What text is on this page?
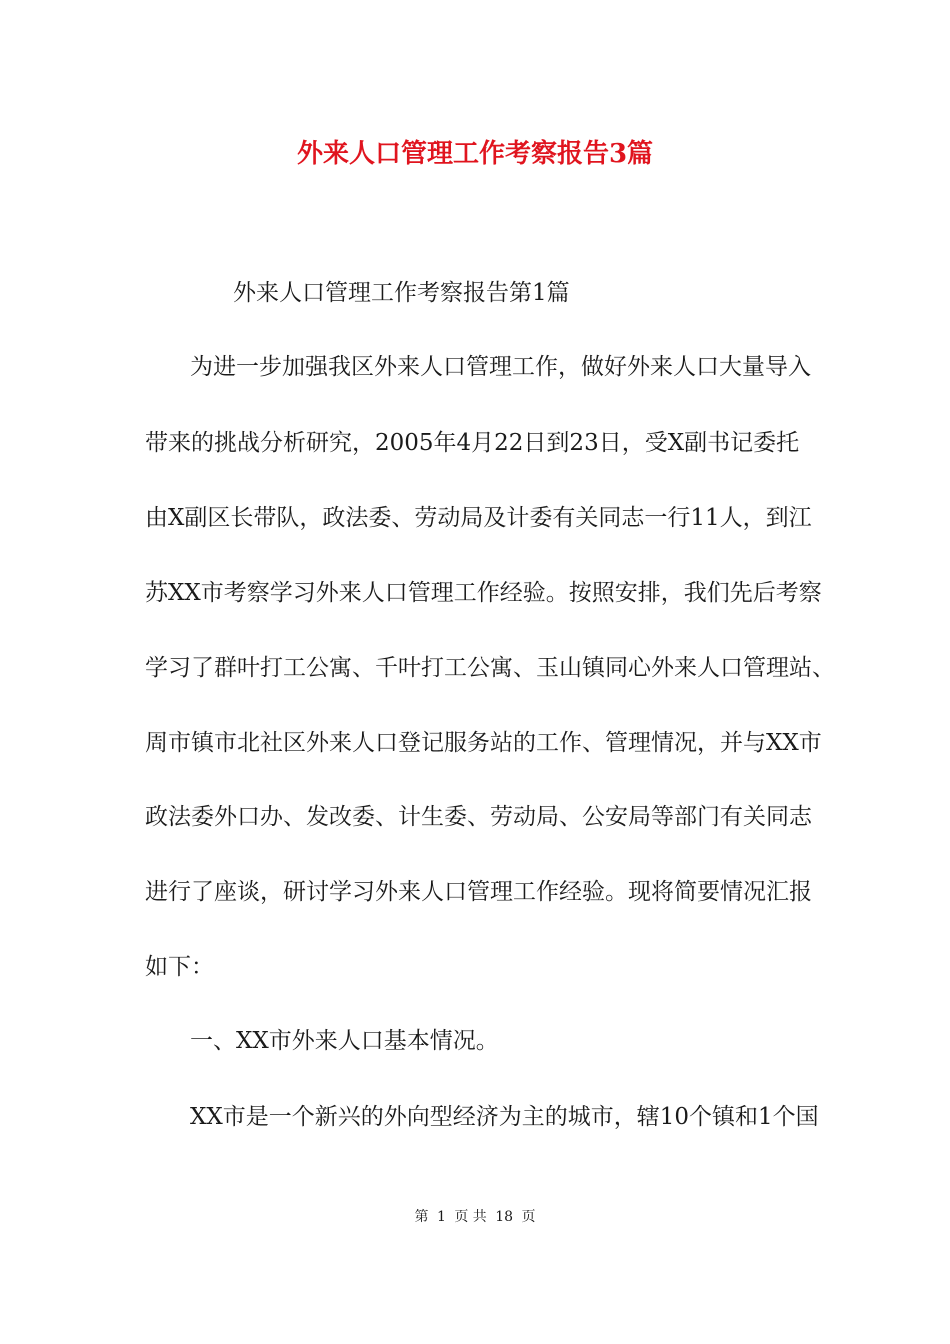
外来人口管理工作考察报告3篇
外来人口管理工作考察报告第1篇
为进一步加强我区外来人口管理工作，做好外来人口大量导入
带来的挑战分析研究，2005年4月22日到23日，受X副书记委托
由X副区长带队，政法委、劳动局及计委有关同志一行11人，到江
苏XX市考察学习外来人口管理工作经验。按照安排，我们先后考察
学习了群叶打工公寓、千叶打工公寓、玉山镇同心外来人口管理站、
周市镇市北社区外来人口登记服务站的工作、管理情况，并与XX市
政法委外口办、发改委、计生委、劳动局、公安局等部门有关同志
进行了座谈，研讨学习外来人口管理工作经验。现将简要情况汇报
如下：
一、XX市外来人口基本情况。
XX市是一个新兴的外向型经济为主的城市，辖10个镇和1个国
第 1 页 共 18 页
